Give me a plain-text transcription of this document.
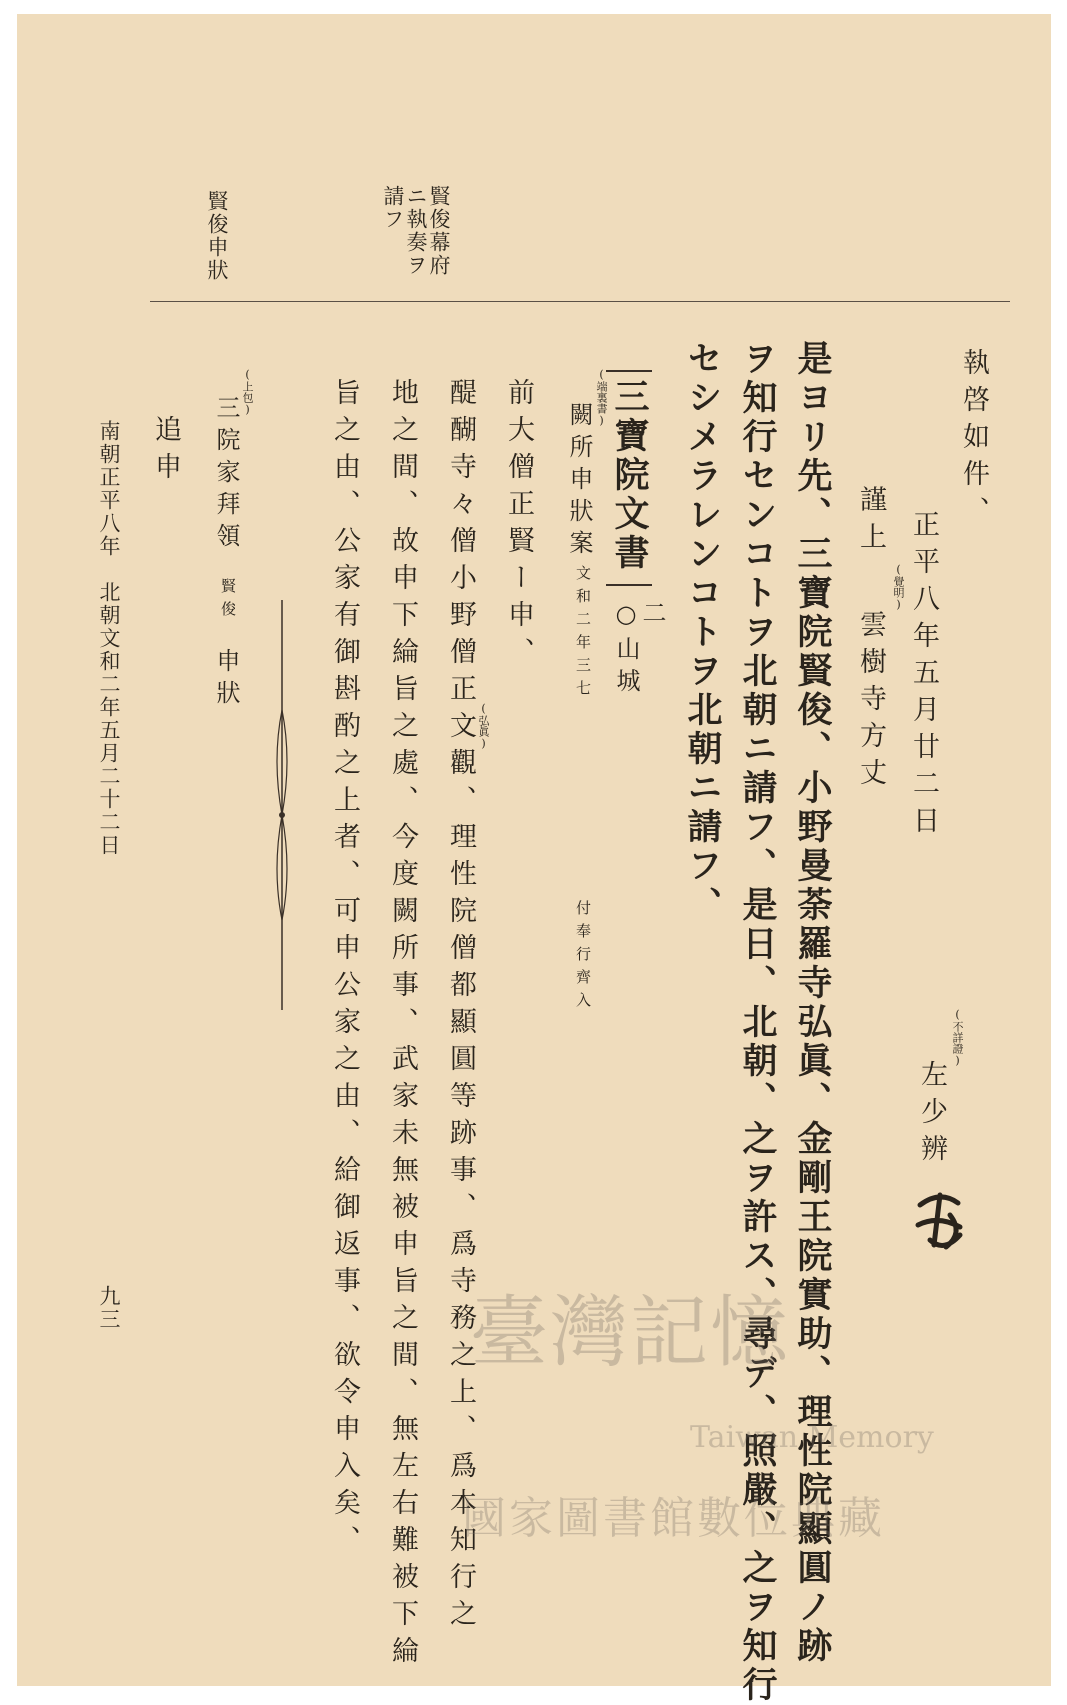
賢俊幕府
ニ執奏ヲ
請フ
賢俊申狀
執啓如件、
正平八年五月廿二日
(不詳證)
左少辨
(覺明)
謹上
雲樹寺方丈
是ヨリ先、三寶院賢俊、小野曼荼羅寺弘眞、金剛王院實助、理性院顯圓ノ跡
ヲ知行センコトヲ北朝ニ請フ、是日、北朝、之ヲ許ス、尋デ、照嚴、之ヲ知行
セシメラレンコトヲ北朝ニ請フ、
三寶院文書
二
○山城
(端裏書)
闕所申狀案
文和二年三七
付奉行齊入
(弘眞)
前大僧正賢ー申、
醍醐寺々僧小野僧正文觀、理性院僧都顯圓等跡事、爲寺務之上、爲本知行之
地之間、故申下綸旨之處、今度闕所事、武家未無被申旨之間、無左右難被下綸
旨之由、公家有御斟酌之上者、可申公家之由、給御返事、欲令申入矣、
(上包)
三院家拜領
賢俊
申狀
追申
南朝正平八年　北朝文和二年五月二十二日
九三	臺灣記憶
Taiwan Memory
國家圖書館數位典藏
